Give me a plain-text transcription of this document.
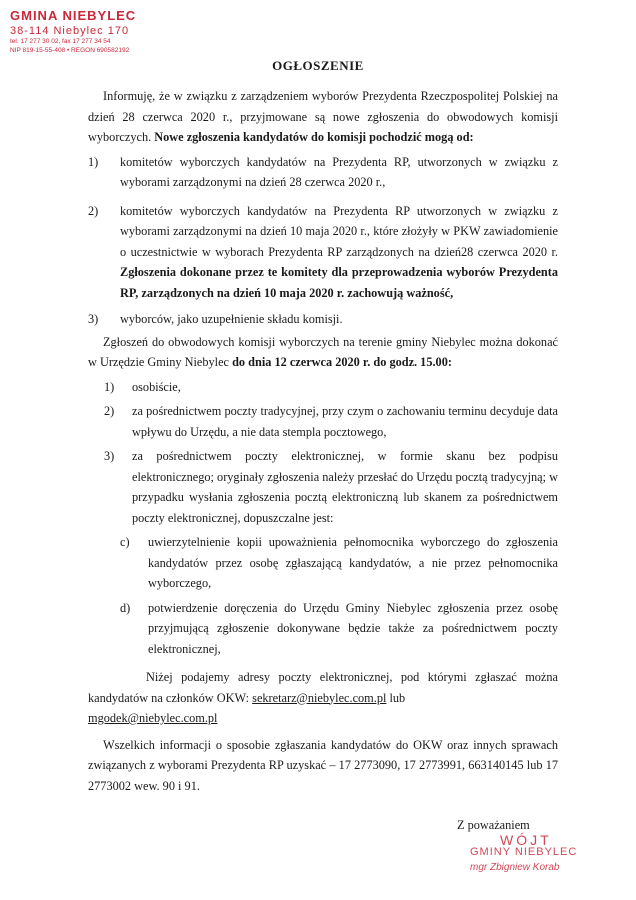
GMINA NIEBYLEC
38-114 Niebylec 170
tel. 17 277 30 02, fax 17 277 34 54
NIP 819-15-55-408 • REGON 690582192
OGŁOSZENIE

Informuję, że w związku z zarządzeniem wyborów Prezydenta Rzeczpospolitej Polskiej na dzień 28 czerwca 2020 r., przyjmowane są nowe zgłoszenia do obwodowych komisji wyborczych. Nowe zgłoszenia kandydatów do komisji pochodzić mogą od:

1)	komitetów wyborczych kandydatów na Prezydenta RP, utworzonych w związku z wyborami zarządzonymi na dzień 28 czerwca 2020 r.,
2)	komitetów wyborczych kandydatów na Prezydenta RP utworzonych w związku z wyborami zarządzonymi na dzień 10 maja 2020 r., które złożyły w PKW zawiadomienie o uczestnictwie w wyborach Prezydenta RP zarządzonych na dzień28 czerwca 2020 r. Zgłoszenia dokonane przez te komitety dla przeprowadzenia wyborów Prezydenta RP, zarządzonych na dzień 10 maja 2020 r. zachowują ważność,
3)	wyborców, jako uzupełnienie składu komisji.

Zgłoszeń do obwodowych komisji wyborczych na terenie gminy Niebylec można dokonać w Urzędzie Gminy Niebylec do dnia 12 czerwca 2020 r. do godz. 15.00:

1)	osobiście,
2)	za pośrednictwem poczty tradycyjnej, przy czym o zachowaniu terminu decyduje data wpływu do Urzędu, a nie data stempla pocztowego,
3)	za pośrednictwem poczty elektronicznej, w formie skanu bez podpisu elektronicznego; oryginały zgłoszenia należy przesłać do Urzędu pocztą tradycyjną; w przypadku wysłania zgłoszenia pocztą elektroniczną lub skanem za pośrednictwem poczty elektronicznej, dopuszczalne jest:
c)	uwierzytelnienie kopii upoważnienia pełnomocnika wyborczego do zgłoszenia kandydatów przez osobę zgłaszającą kandydatów, a nie przez pełnomocnika wyborczego,
d)	potwierdzenie doręczenia do Urzędu Gminy Niebylec zgłoszenia przez osobę przyjmującą zgłoszenie dokonywane będzie także za pośrednictwem poczty elektronicznej,

Niżej podajemy adresy poczty elektronicznej, pod którymi zgłaszać można kandydatów na członków OKW: sekretarz@niebylec.com.pl lub

mgodek@niebylec.com.pl

Wszelkich informacji o sposobie zgłaszania kandydatów do OKW oraz innych sprawach związanych z wyborami Prezydenta RP uzyskać – 17 2773090, 17 2773991, 663140145 lub 17 2773002 wew. 90 i 91.

Z poważaniem
WÓJT
GMINY NIEBYLEC
mgr Zbigniew Korab
